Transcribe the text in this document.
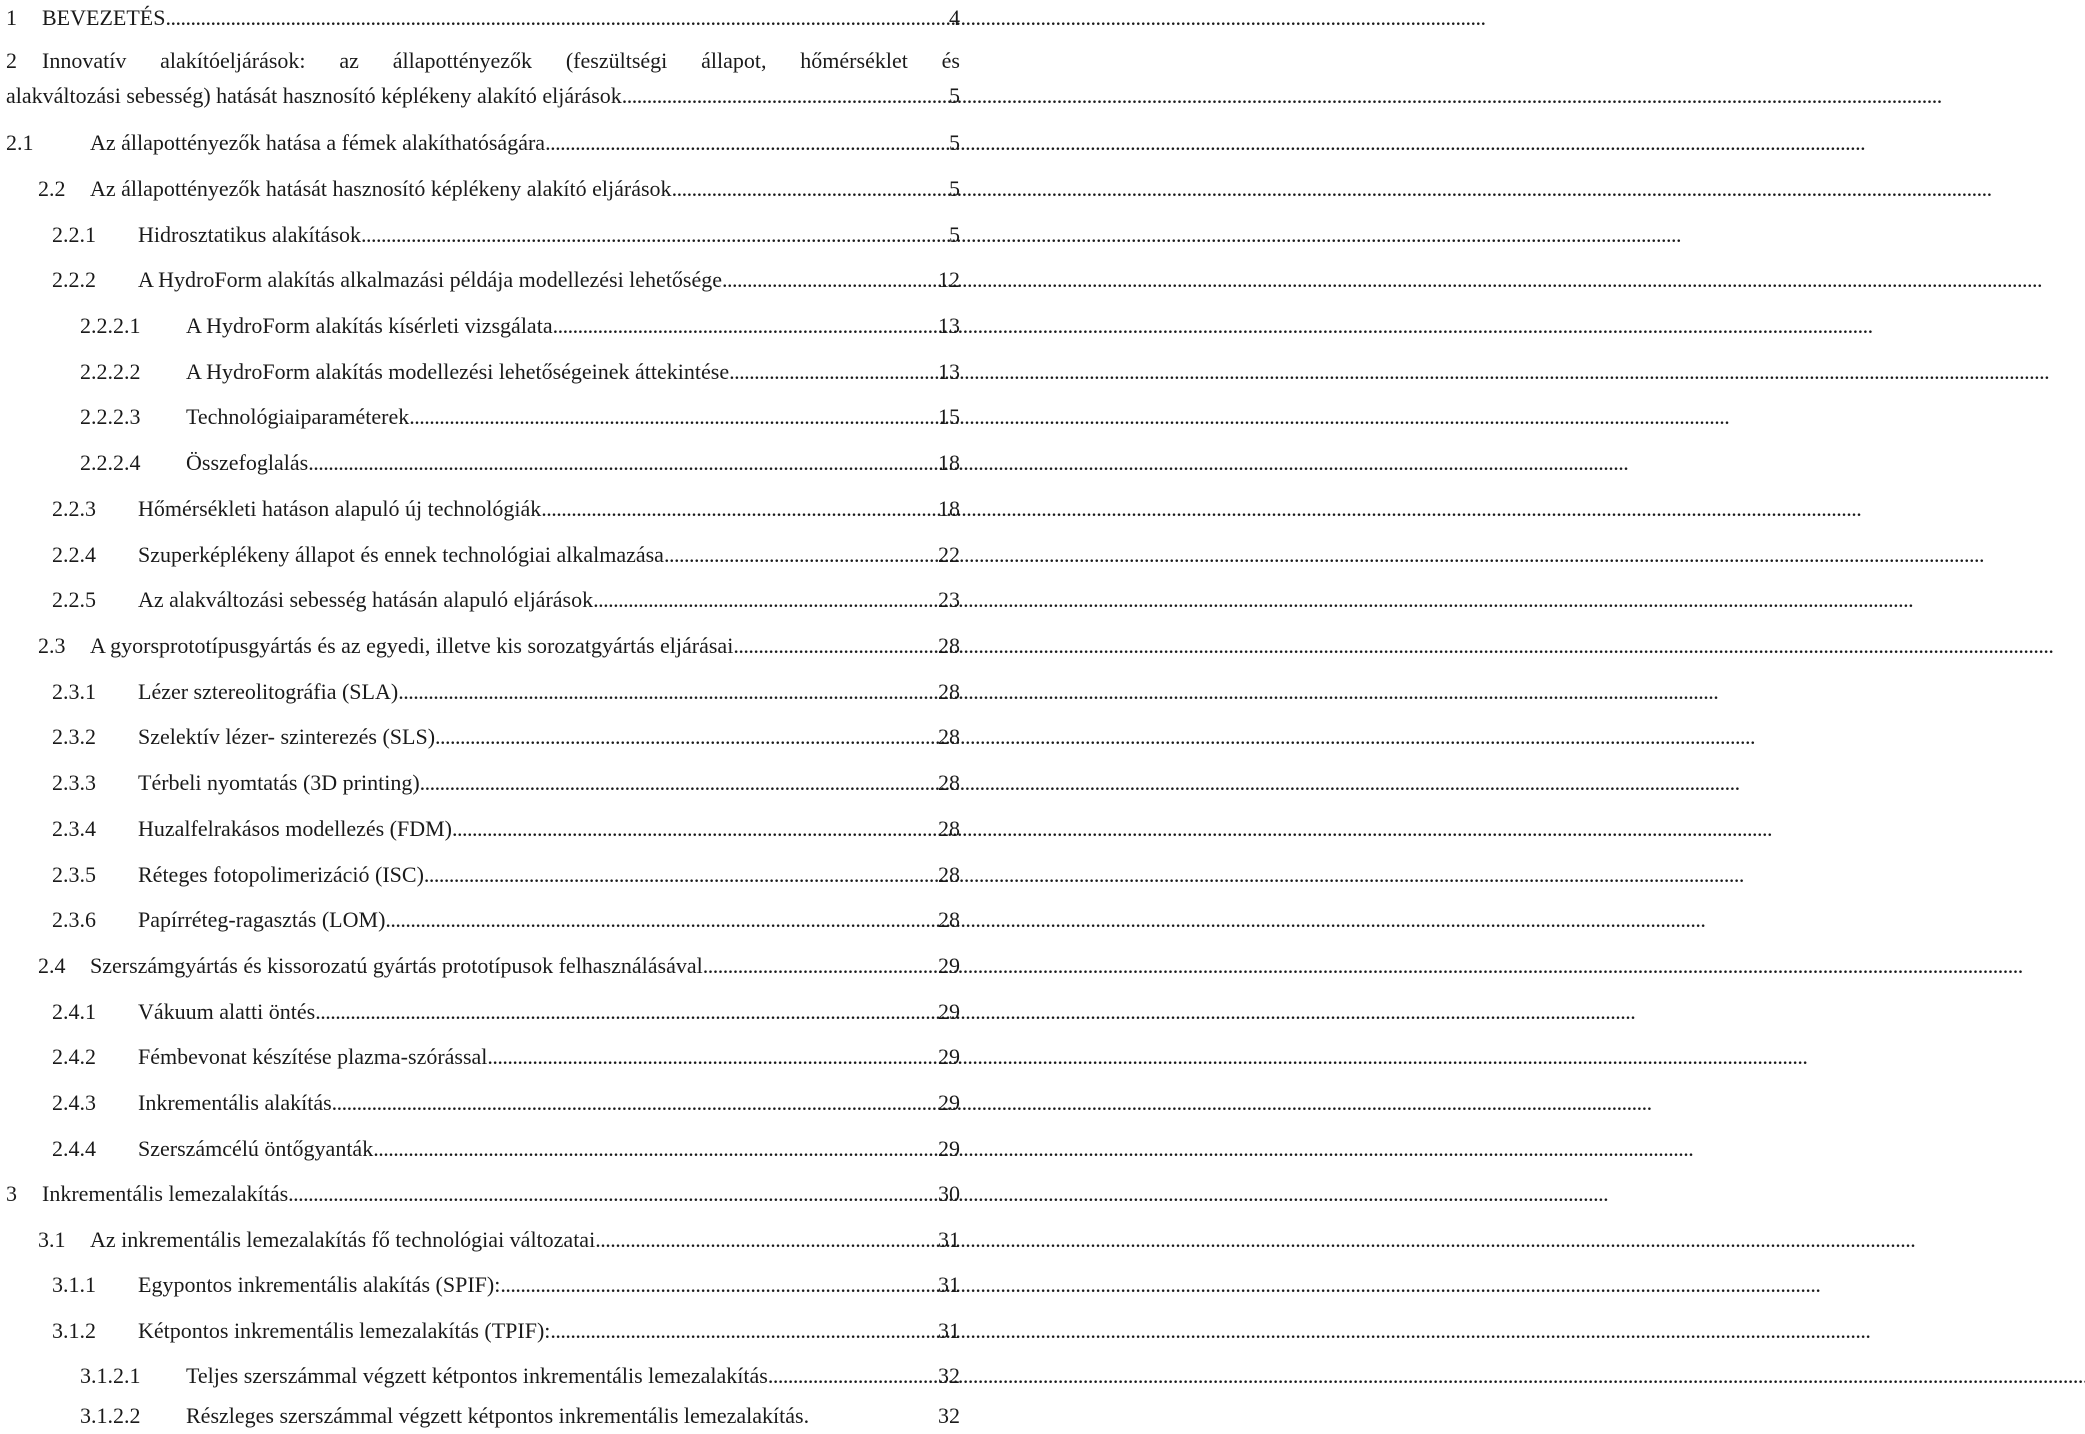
1	BEVEZETÉS . . .	4
2	Innovatív alakítóeljárások: az állapottényezők (feszültségi állapot, hőmérséklet és
alakváltozási sebesség) hatását hasznosító képlékeny alakító eljárások . . .	5
2.1	Az állapottényezők hatása a fémek alakíthatóságára . . .	5
2.2	Az állapottényezők hatását hasznosító képlékeny alakító eljárások . . .	5
2.2.1	Hidrosztatikus alakítások . . .	5
2.2.2	A HydroForm alakítás alkalmazási példája modellezési lehetősége . . .	12
2.2.2.1	A HydroForm alakítás kísérleti vizsgálata . . .	13
2.2.2.2	A HydroForm alakítás modellezési lehetőségeinek áttekintése . . .	13
2.2.2.3	Technológiaiparaméterek . . .	15
2.2.2.4	Összefoglalás . . .	18
2.2.3	Hőmérsékleti hatáson alapuló új technológiák . . .	18
2.2.4	Szuperképlékeny állapot és ennek technológiai alkalmazása . . .	22
2.2.5	Az alakváltozási sebesség hatásán alapuló eljárások . . .	23
2.3	A gyorsprototípusgyártás és az egyedi, illetve kis sorozatgyártás eljárásai . . .	28
2.3.1	Lézer sztereolitográfia (SLA) . . .	28
2.3.2	Szelektív lézer- szinterezés (SLS) . . .	28
2.3.3	Térbeli nyomtatás (3D printing) . . .	28
2.3.4	Huzalfelrakásos modellezés (FDM) . . .	28
2.3.5	Réteges fotopolimerizáció (ISC) . . .	28
2.3.6	Papírréteg-ragasztás (LOM) . . .	28
2.4	Szerszámgyártás és kissorozatú gyártás prototípusok felhasználásával . . .	29
2.4.1	Vákuum alatti öntés . . .	29
2.4.2	Fémbevonat készítése plazma-szórással . . .	29
2.4.3	Inkrementális alakítás . . .	29
2.4.4	Szerszámcélú öntőgyanták . . .	29
3	Inkrementális lemezalakítás . . .	30
3.1	Az inkrementális lemezalakítás fő technológiai változatai . . .	31
3.1.1	Egypontos inkrementális alakítás (SPIF): . . .	31
3.1.2	Kétpontos inkrementális lemezalakítás (TPIF): . . .	31
3.1.2.1	Teljes szerszámmal végzett kétpontos inkrementális lemezalakítás . . .	32
3.1.2.2	Részleges szerszámmal végzett kétpontos inkrementális lemezalakítás.	32
